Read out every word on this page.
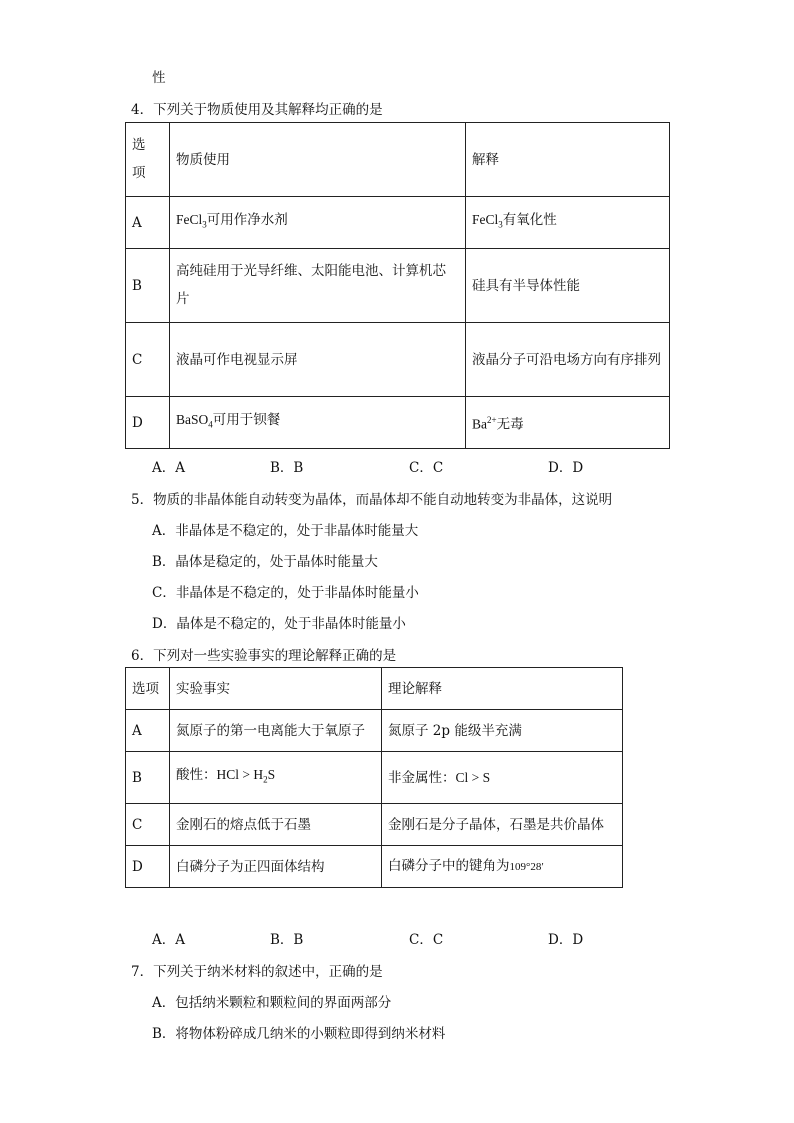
性
4．下列关于物质使用及其解释均正确的是
选项	物质使用	解释
A	FeCl$_3$可用作净水剂	FeCl$_3$有氧化性
B	高纯硅用于光导纤维、太阳能电池、计算机芯片	硅具有半导体性能
C	液晶可作电视显示屏	液晶分子可沿电场方向有序排列
D	BaSO$_4$可用于钡餐	$Ba^{2+}$无毒
A．A	B．B	C．C	D．D
5．物质的非晶体能自动转变为晶体，而晶体却不能自动地转变为非晶体，这说明
A．非晶体是不稳定的，处于非晶体时能量大
B．晶体是稳定的，处于晶体时能量大
C．非晶体是不稳定的，处于非晶体时能量小
D．晶体是不稳定的，处于非晶体时能量小
6．下列对一些实验事实的理论解释正确的是
选项	实验事实	理论解释
A	氮原子的第一电离能大于氧原子	氮原子 2p 能级半充满
B	酸性：HCl > $H_2S$	非金属性：Cl > S
C	金刚石的熔点低于石墨	金刚石是分子晶体，石墨是共价晶体
D	白磷分子为正四面体结构	白磷分子中的键角为109°28′
A．A	B．B	C．C	D．D
7．下列关于纳米材料的叙述中，正确的是
A．包括纳米颗粒和颗粒间的界面两部分
B．将物体粉碎成几纳米的小颗粒即得到纳米材料
